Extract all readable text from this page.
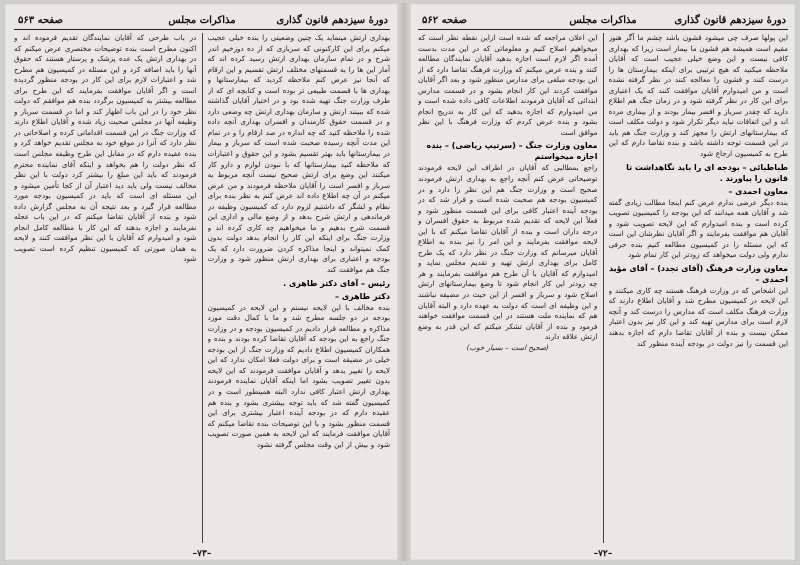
دورهٔ سیزدهم قانون گذاری
مذاکرات مجلس
صفحه ۵۶۳

بهداری ارتش مینماید یک چنین وضعیتی را بنده خیلی عجیب میکنم برای این کارکنونی که سربازی که از ده دوزخیم اندر شرح و در تمام سازمان بهداری ارتش رسید کرده اند که آمار این ها را به قسمتهای مختلف ارتش تقسیم و این ارقام که آنجا نیز عرض کنم ملاحظه کردید که بیمارستانها و بهداری ها با قسمت طبیعی تر بوده است و کتابچه ای که از طرف وزارت جنگ تهیه شده بود و در اختیار آقایان گذاشته شده که ببینند ارتش و سازمان بهداری ارتش چه وضعی دارد و در قسمت حقوق کارمندان و افسران بهداری آنچه داده شده را ملاحظه کنید که چه اندازه در صد ارقام را و در تمام این مدت آنچه رسیده صحبت شده است که سرباز و بیمار در بیمارستانها باید بهتر تقسیم بشود و این حقوق و اعتبارات که ملاحظه کنید بیمارستانها که با نبودن لوازم و دارو کار میکنند این وضع برای ارتش صحیح نیست آنچه مربوط به سرباز و افسر است را آقایان ملاحظه فرمودند و من عرض میکنم در آن چه اطلاع داده اند عرض کنم به نظر بنده برای نظام و لشگر که داشتیم لزوم دارد که کمیسیون وظیفه در فرماندهی و ارتش شرح بدهد و از وضع مالی و اداری این قسمت شرح بدهیم و ما میخواهیم چه کاری کرده اند و وزارت جنگ برای اینکه این کار را انجام بدهد دولت بدون کمک نمیتواند و اینجا مذاکره کردن ضرورت دارد که یک بودجه و اعتباری برای بهداری ارتش منظور شود و وزارت جنگ هم موافقت کند

رئیس – آقای دکتر طاهری .

دکتر طاهری –

بنده مخالف با این لایحه نیستم و این لایحه در کمیسیون بودجه در دو جلسه مطرح شد و ما با کمال دقت مورد مذاکره و مطالعه قرار دادیم در کمیسیون بودجه و در وزارت جنگ راجع به این بودجه که آقایان تقاضا کرده بودند و بنده و همکاران کمیسیون اطلاع دادیم که وزارت جنگ از این بودجه خیلی در مضیقه است و برای دولت فعلا امکان ندارد که این لایحه را تغییر بدهد و آقایان موافقت فرمودند که این لایحه بدون تغییر تصویب بشود اما اینکه آقایان نماینده فرمودند بهداری ارتش اعتبار کافی ندارد البته همینطور است و در کمیسیون گفته شد که باید توجه بیشتری بشود و بنده هم عقیده دارم که در بودجه آینده اعتبار بیشتری برای این قسمت منظور بشود و با این توضیحات بنده تقاضا میکنم که آقایان موافقت فرمایند که این لایحه به همین صورت تصویب شود و بیش از این وقت مجلس گرفته نشود

در باب طرحی که آقایان نمایندگان تقدیم فرموده اند و اکنون مطرح است بنده توضیحات مختصری عرض میکنم که در بهداری ارتش یک عده پزشک و پرستار هستند که حقوق آنها را باید اضافه کرد و این مسئله در کمیسیون هم مطرح شد و اعتبارات لازم برای این کار در بودجه منظور گردیده است و اگر آقایان موافقت بفرمایند که این طرح برای مطالعه بیشتر به کمیسیون برگردد بنده هم موافقم که دولت نظر خود را در این باب اظهار کند و اما در قسمت سرباز و وظیفه آنها در مجلس صحبت زیاد شده و آقایان اطلاع دارند که وزارت جنگ در این قسمت اقداماتی کرده و اصلاحاتی در نظر دارد که آنرا در موقع خود به مجلس تقدیم خواهد کرد و بنده عقیده دارم که در مقابل این طرح وظیفه مجلس است که نظر دولت را هم بخواهد و اینکه آقای نماینده محترم فرمودند که باید این مبلغ را بیشتر کرد دولت با این نظر مخالف نیست ولی باید دید اعتبار آن از کجا تأمین میشود و این مسئله ای است که باید در کمیسیون بودجه مورد مطالعه قرار گیرد و بعد نتیجه آن به مجلس گزارش داده شود و بنده از آقایان تقاضا میکنم که در این باب عجله نفرمایند و اجازه بدهند که این کار با مطالعه کامل انجام شود و امیدوارم که آقایان با این نظر موافقت کنند و لایحه به همان صورتی که کمیسیون تنظیم کرده است تصویب شود

–۷۳–
دورهٔ سیزدهم قانون گذاری
مذاکرات مجلس
صفحه ۵۶۲

این پولها صرف چی میشود قشون باشد چشم ما آگر هنوز مقیم است همیشه هم قشون ما بیمار است زیرا که بهداری کافی نیست و این وضع خیلی عجیب است که آقایان ملاحظه میکنید که هیچ ترتیبی برای اینکه بیمارستان ها را درست کنند و قشون را معالجه کنند در نظر گرفته نشده است و من امیدوارم آقایان موافقت کنند که یک اعتباری برای این کار در نظر گرفته شود و در زمان جنگ هم اطلاع دارید که چقدر سرباز و افسر بیمار بودند و از بیماری مرده اند و این اتفاقات نباید دیگر تکرار شود و دولت مکلف است که بیمارستانهای ارتش را مجهز کند و وزارت جنگ هم باید در این قسمت توجه داشته باشد و بنده تقاضا دارم که این طرح به کمیسیون ارجاع شود

طباطبائی – بودجه ای را باید نگاهداشت تا قانون را بیاورند .

معاون احمدی –

بنده دیگر عرضی ندارم عرض کنم اینجا مطالب زیادی گفته شد و آقایان همه میدانند که این بودجه را کمیسیون تصویب کرده است و بنده امیدوارم که این لایحه تصویب شود و آقایان هم موافقت بفرمایند و اگر آقایان نظرشان این است که این مسئله را در کمیسیون مطالعه کنیم بنده حرفی ندارم ولی دولت میخواهد که زودتر این کار تمام شود

معاون وزارت فرهنگ (آقای تجدد) – آقای مؤید احمدی –

این اشخاص که در وزارت فرهنگ هستند چه کاری میکنند و این لایحه در کمیسیون مطرح شد و آقایان اطلاع دارند که وزارت فرهنگ مکلف است که مدارس را درست کند و آنچه لازم است برای مدارس تهیه کند و این کار نیز بدون اعتبار ممکن نیست و بنده از آقایان تقاضا دارم که اجازه بدهند این قسمت را نیز دولت در بودجه آینده منظور کند

این اعلان مراجعه که شده است ازاین نقطه نظر است که میخواهیم اصلاح کنیم و معلوماتی که در این مدت بدست آمده اگر لازم است اجازه بدهید آقایان نمایندگان مطالعه کنند و بنده عرض میکنم که وزارت فرهنگ تقاضا دارد که از این بودجه مبلغی برای مدارس منظور شود و بعد اگر آقایان موافقت کردند این کار انجام بشود و در قسمت مدارس ابتدائی که آقایان فرمودند اطلاعات کافی داده شده است و من امیدوارم که اجازه بدهید که این کار به تدریج انجام بشود و بنده عرض کردم که وزارت فرهنگ با این نظر موافق است

معاون وزارت جنگ – (سرتیپ ریاضی) – بنده اجازه میخواستم

راجع بمطالبی که آقایان در اطراف این لایحه فرمودند توضیحاتی عرض کنم آنچه راجع به بهداری ارتش فرمودند صحیح است و وزارت جنگ هم این نظر را دارد و در کمیسیون بودجه هم صحبت شده است و قرار شد که در بودجه آینده اعتبار کافی برای این قسمت منظور شود و فعلاً این لایحه که تقدیم شده مربوط به حقوق افسران و درجه داران است و بنده از آقایان تقاضا میکنم که با این لایحه موافقت بفرمایند و این امر را نیز بنده به اطلاع آقایان میرسانم که وزارت جنگ در نظر دارد که یک طرح کامل برای بهداری ارتش تهیه و تقدیم مجلس نماید و امیدوارم که آقایان با آن طرح هم موافقت بفرمایند و هر چه زودتر این کار انجام شود تا وضع بیمارستانهای ارتش اصلاح شود و سرباز و افسر از این حیث در مضیقه نباشند و این وظیفه ای است که دولت به عهده دارد و البته آقایان هم که نماینده ملت هستند در این قسمت موافقت خواهند فرمود و بنده از آقایان تشکر میکنم که این قدر به وضع ارتش علاقه دارند

(صحیح است – بسیار خوب)

–۷۲–
